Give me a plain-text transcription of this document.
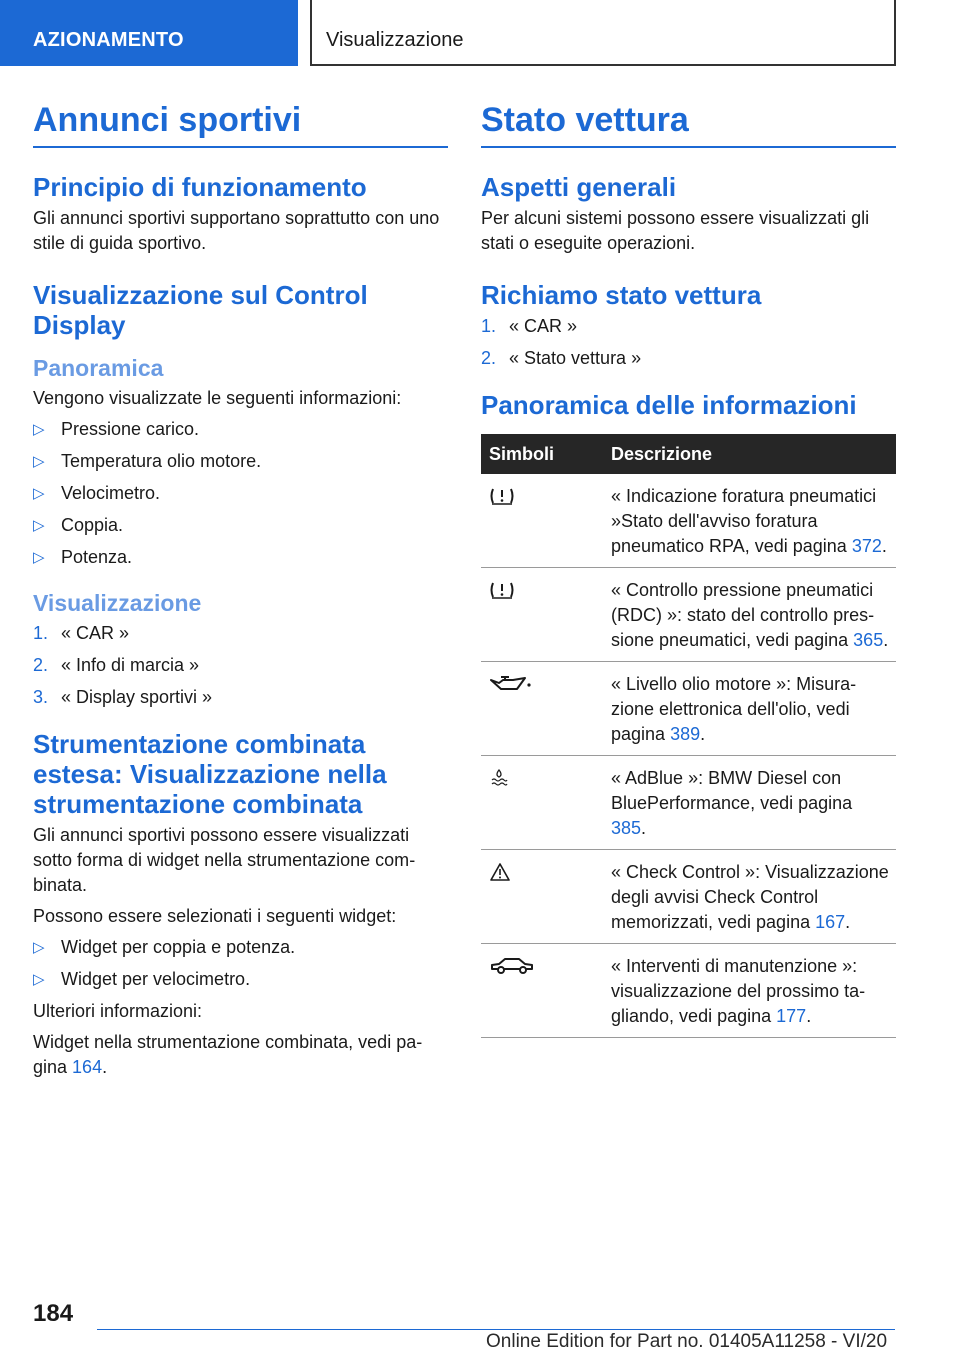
AZIONAMENTO	Visualizzazione
Annunci sportivi
Principio di funzionamento

Gli annunci sportivi supportano soprattutto con uno stile di guida sportivo.

Visualizzazione sul Control Display
Panoramica

Vengono visualizzate le seguenti informazioni:

▷ Pressione carico.
▷ Temperatura olio motore.
▷ Velocimetro.
▷ Coppia.
▷ Potenza.
Visualizzazione
1. « CAR »
2. « Info di marcia »
3. « Display sportivi »
Strumentazione combinata estesa: Visualizzazione nella strumentazione combinata

Gli annunci sportivi possono essere visualizzati sotto forma di widget nella strumentazione combinata.

Possono essere selezionati i seguenti widget:

▷ Widget per coppia e potenza.
▷ Widget per velocimetro.

Ulteriori informazioni:

Widget nella strumentazione combinata, vedi pagina 164.

Stato vettura
Aspetti generali

Per alcuni sistemi possono essere visualizzati gli stati o eseguite operazioni.

Richiamo stato vettura
1. « CAR »
2. « Stato vettura »
Panoramica delle informazioni
Simboli	Descrizione
	« Indicazione foratura pneumatici »Stato dell'avviso foratura pneumatico RPA, vedi pagina 372.
	« Controllo pressione pneumatici (RDC) »: stato del controllo pressione pneumatici, vedi pagina 365.
	« Livello olio motore »: Misurazione elettronica dell'olio, vedi pagina 389.
	« AdBlue »: BMW Diesel con BluePerformance, vedi pagina 385.
	« Check Control »: Visualizzazione degli avvisi Check Control memorizzati, vedi pagina 167.
	« Interventi di manutenzione »: visualizzazione del prossimo tagliando, vedi pagina 177.
184
Online Edition for Part no. 01405A11258 - VI/20
